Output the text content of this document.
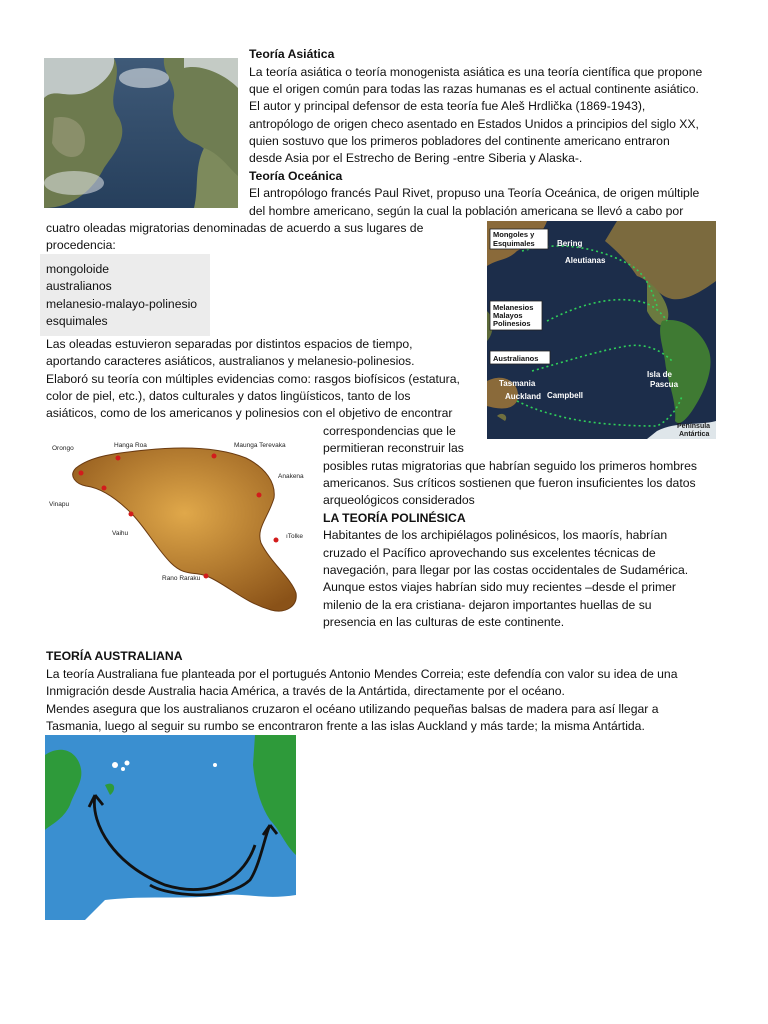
Teoría Asiática
La teoría asiática o teoría monogenista asiática es una teoría científica que propone
que el origen común para todas las razas humanas es el actual continente asiático.
El autor y principal defensor de esta teoría fue Aleš Hrdlička (1869-1943),
antropólogo de origen checo asentado en Estados Unidos a principios del siglo XX,
quien sostuvo que los primeros pobladores del continente americano entraron
desde Asia por el Estrecho de Bering -entre Siberia y Alaska-.
Teoría Oceánica
El antropólogo francés Paul Rivet, propuso una Teoría Oceánica, de origen múltiple
del hombre americano, según la cual la población americana se llevó a cabo por
cuatro oleadas migratorias denominadas de acuerdo a sus lugares de
procedencia:
mongoloide
australianos
melanesio-malayo-polinesio
esquimales
Las oleadas estuvieron separadas por distintos espacios de tiempo,
aportando caracteres asiáticos, australianos y melanesio-polinesios.
Elaboró su teoría con múltiples evidencias como: rasgos biofísicos (estatura,
color de piel, etc.), datos culturales y datos lingüísticos, tanto de los
asiáticos, como de los americanos y polinesios con el objetivo de encontrar
correspondencias que le
permitieran reconstruir las
posibles rutas migratorias que habrían seguido los primeros hombres
americanos. Sus críticos sostienen que fueron insuficientes los datos
arqueológicos considerados
LA TEORÍA POLINÉSICA
Habitantes de los archipiélagos polinésicos, los maorís, habrían
cruzado el Pacífico aprovechando sus excelentes técnicas de
navegación, para llegar por las costas occidentales de Sudamérica.
Aunque estos viajes habrían sido muy recientes –desde el primer
milenio de la era cristiana- dejaron importantes huellas de su
presencia en las culturas de este continente.
TEORÍA AUSTRALIANA
La teoría Australiana fue planteada por el portugués Antonio Mendes Correia; este defendía con valor su idea de una
Inmigración desde Australia hacia América, a través de la Antártida, directamente por el océano.
Mendes asegura que los australianos cruzaron el océano utilizando pequeñas balsas de madera para así llegar a
Tasmania, luego al seguir su rumbo se encontraron frente a las islas Auckland y más tarde; la misma Antártida.
Mongoles y
Esquimales
Melanesios
Malayos
Polinesios
Australianos
Bering
Aleutianas
Tasmania
Auckland Campbell
Isla de
Pascua
Península
Antártica
Orongo	Hanga Roa	Maunga Terevaka
Anakena
Vinapu
Vaihu	ıTolke
Rano Raraku
